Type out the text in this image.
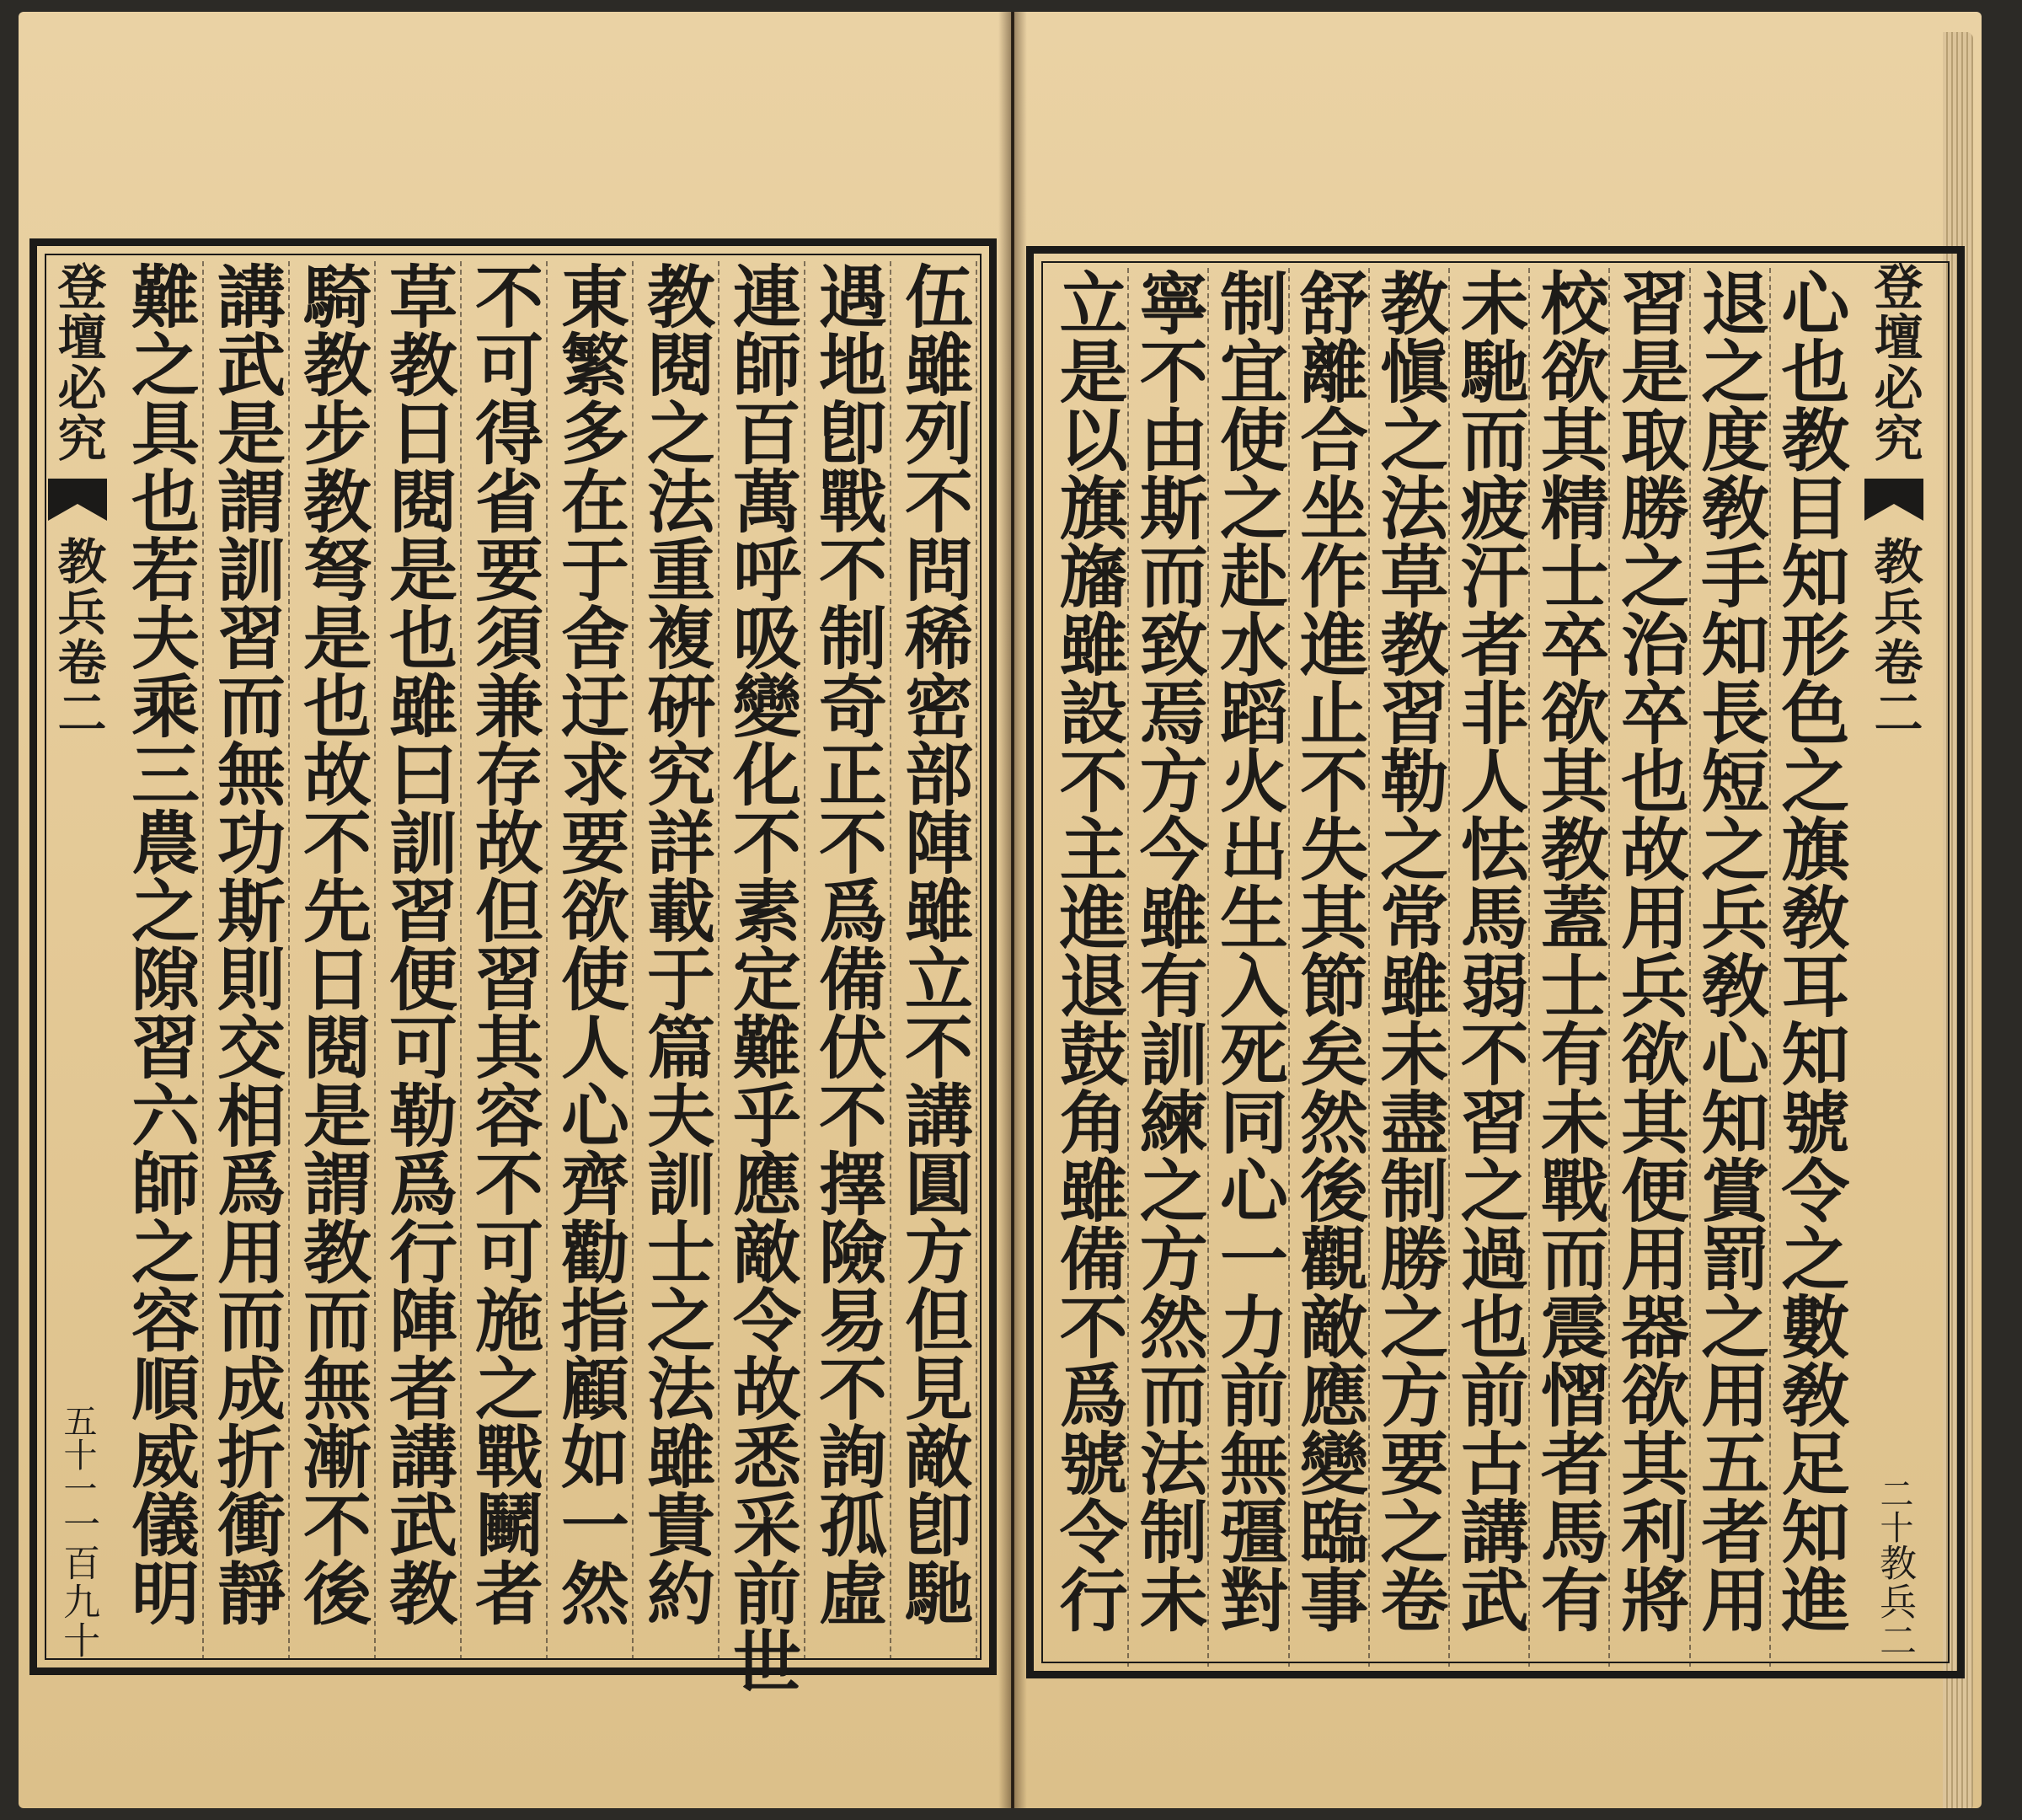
登壇必究
教兵卷二
五十一
一百九十	伍雖列不問稀密部陣雖立不講圓方但見敵卽馳
遇地卽戰不制奇正不爲備伏不擇險易不詢孤虛
連師百萬呼吸變化不素定難乎應敵令故悉采前世
教閱之法重複硏究詳載于篇夫訓士之法雖貴約
東繁多在于舍迂求要欲使人心齊勸指顧如一然
不可得省要須兼存故但習其容不可施之戰鬭者
草教日閱是也雖曰訓習便可勒爲行陣者講武教
騎教步教弩是也故不先日閱是謂教而無漸不後
講武是謂訓習而無功斯則交相爲用而成折衝靜
難之具也若夫乘三農之隙習六師之容順威儀明	心也教目知形色之旗敎耳知號令之數敎足知進
退之度敎手知長短之兵敎心知賞罰之用五者用
習是取勝之治卒也故用兵欲其便用器欲其利將
校欲其精士卒欲其教蓋士有未戰而震慴者馬有
未馳而疲汗者非人怯馬弱不習之過也前古講武
教愼之法草教習勒之常雖未盡制勝之方要之卷
舒離合坐作進止不失其節矣然後觀敵應變臨事
制宜使之赴水蹈火出生入死同心一力前無彊對
寧不由斯而致焉方今雖有訓練之方然而法制未
立是以旗旛雖設不主進退鼓角雖備不爲號令行	登壇必究
教兵卷二
二十
教兵二
